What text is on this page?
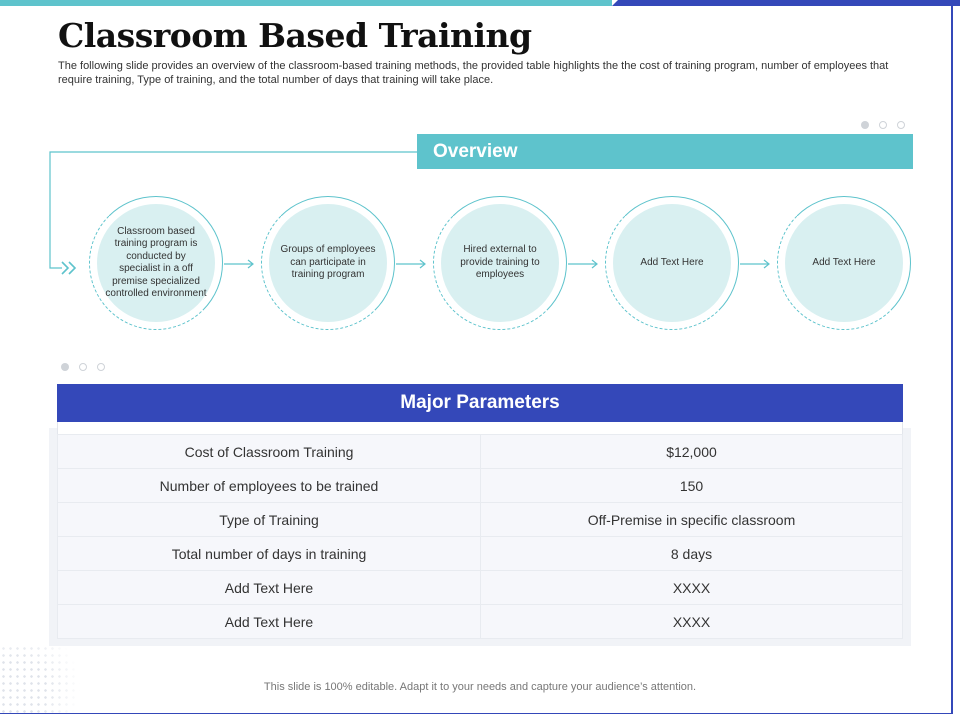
Classroom Based Training

The following slide provides an overview of the classroom-based training methods, the provided table highlights the the cost of training program, number of employees that require training, Type of training, and the total number of days that training will take place.

Overview
Classroom based training program is conducted by specialist in a off premise specialized controlled environment
Groups of employees can participate in training program
Hired external to provide training to employees
Add Text Here	Add Text Here
Major Parameters
Cost of Classroom Training	$12,000
Number of employees to be trained	150
Type of Training	Off-Premise in specific classroom
Total number of days in training	8 days
Add Text Here	XXXX
Add Text Here	XXXX
This slide is 100% editable. Adapt it to your needs and capture your audience’s attention.
